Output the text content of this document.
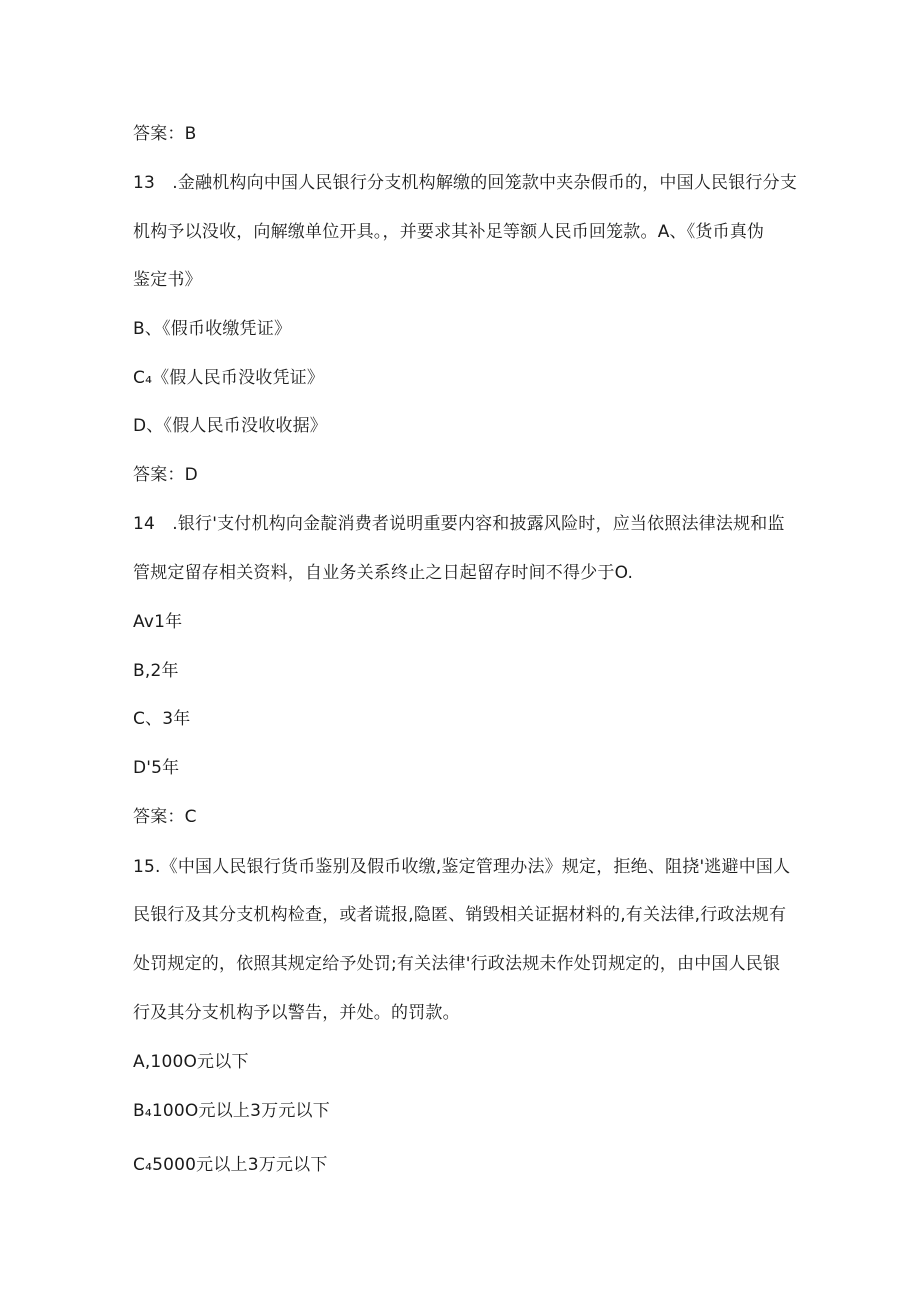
答案：B
13　.金融机构向中国人民银行分支机构解缴的回笼款中夹杂假币的，中国人民银行分支
机构予以没收，向解缴单位开具。，并要求其补足等额人民币回笼款。A、《货币真伪
鉴定书》
B、《假币收缴凭证》
C₄《假人民币没收凭证》
D、《假人民币没收收据》
答案：D
14　.银行'支付机构向金靛消费者说明重要内容和披露风险时，应当依照法律法规和监
管规定留存相关资料，自业务关系终止之日起留存时间不得少于O.
Av1年
B,2年
C、3年
D'5年
答案：C
15.《中国人民银行货币鉴别及假币收缴,鉴定管理办法》规定，拒绝、阻挠'逃避中国人
民银行及其分支机构检查，或者谎报,隐匿、销毁相关证据材料的,有关法律,行政法规有
处罚规定的，依照其规定给予处罚;有关法律'行政法规未作处罚规定的，由中国人民银
行及其分支机构予以警告，并处。的罚款。
A,100O元以下
B₄100O元以上3万元以下
C₄5000元以上3万元以下
